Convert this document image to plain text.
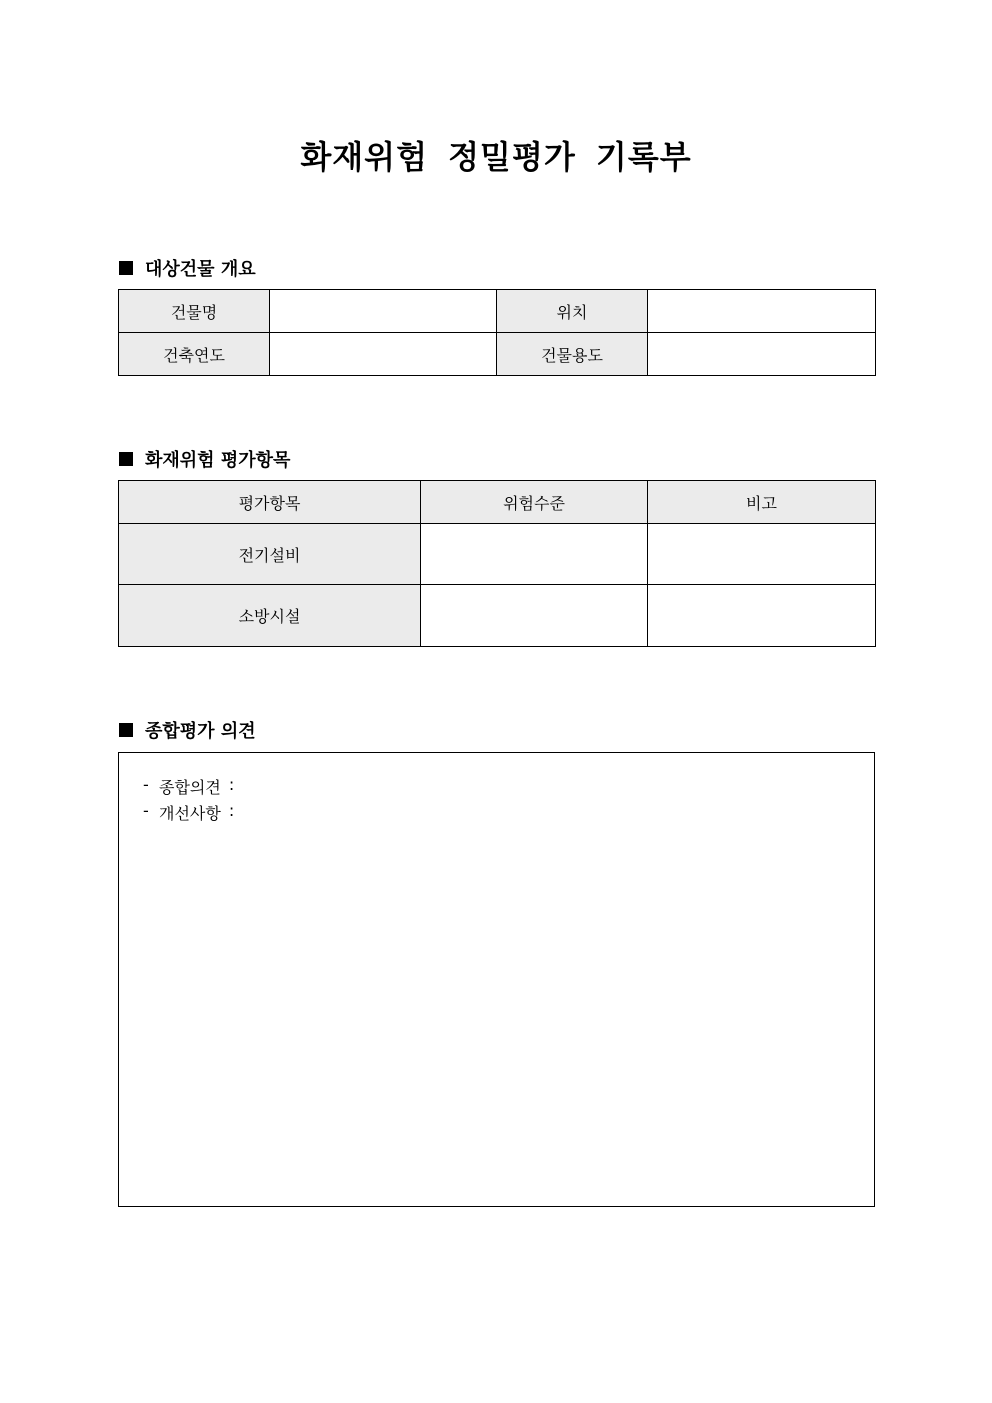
화재위험 정밀평가 기록부
대상건물 개요
건물명		위치	
건축연도		건물용도	
화재위험 평가항목
평가항목	위험수준	비고
전기설비		
소방시설		
종합평가 의견
- 종합의견 :
- 개선사항 :
